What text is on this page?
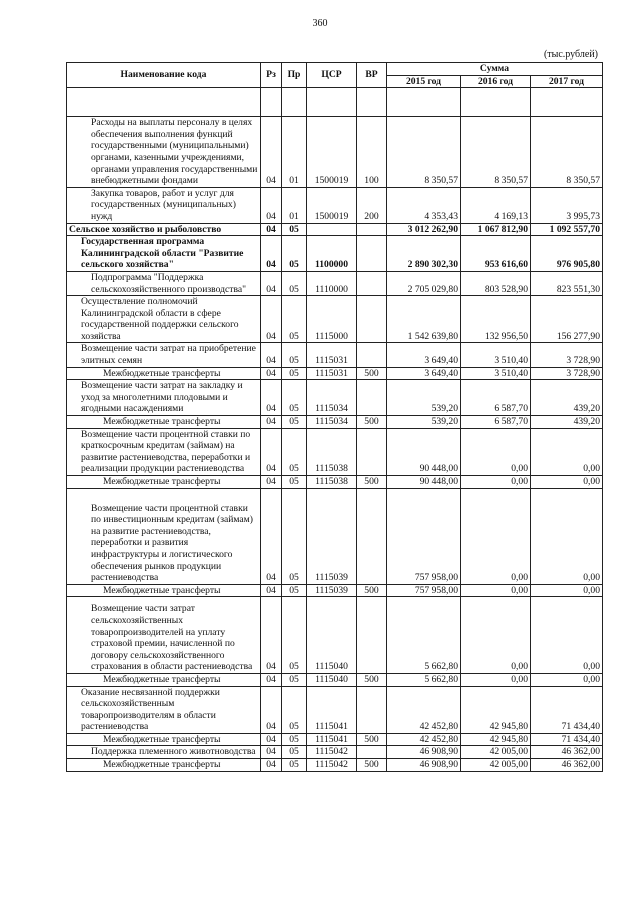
360
(тыс.рублей)
Наименование кода	Рз	Пр	ЦСР	ВР	Сумма		
					2015 год	2016 год	2017 год

Расходы на выплаты персоналу в целях обеспечения выполнения функций государственными (муниципальными) органами, казенными учреждениями, органами управления государственными внебюджетными фондами	04	01	1500019	100	8 350,57	8 350,57	8 350,57

Закупка товаров, работ и услуг для государственных (муниципальных) нужд	04	01	1500019	200	4 353,43	4 169,13	3 995,73
Сельское хозяйство и рыболовство	04	05			3 012 262,90	1 067 812,90	1 092 557,70

Государственная программа Калининградской области "Развитие сельского хозяйства"	04	05	1100000		2 890 302,30	953 616,60	976 905,80

Подпрограмма "Поддержка сельскохозяйственного производства"	04	05	1110000		2 705 029,80	803 528,90	823 551,30

Осуществление полномочий Калининградской области в сфере государственной поддержки сельского хозяйства	04	05	1115000		1 542 639,80	132 956,50	156 277,90

Возмещение части затрат на приобретение элитных семян	04	05	1115031		3 649,40	3 510,40	3 728,90

Межбюджетные трансферты	04	05	1115031	500	3 649,40	3 510,40	3 728,90

Возмещение части затрат на закладку и уход за многолетними плодовыми и ягодными насаждениями	04	05	1115034		539,20	6 587,70	439,20

Межбюджетные трансферты	04	05	1115034	500	539,20	6 587,70	439,20

Возмещение части процентной ставки по краткосрочным кредитам (займам) на развитие растениеводства, переработки и реализации продукции растениеводства	04	05	1115038		90 448,00	0,00	0,00

Межбюджетные трансферты	04	05	1115038	500	90 448,00	0,00	0,00

Возмещение части процентной ставки по инвестиционным кредитам (займам) на развитие растениеводства, переработки и развития инфраструктуры и логистического обеспечения рынков продукции растениеводства	04	05	1115039		757 958,00	0,00	0,00

Межбюджетные трансферты	04	05	1115039	500	757 958,00	0,00	0,00

Возмещение части затрат сельскохозяйственных товаропроизводителей на уплату страховой премии, начисленной по договору сельскохозяйственного страхования в области растениеводства	04	05	1115040		5 662,80	0,00	0,00

Межбюджетные трансферты	04	05	1115040	500	5 662,80	0,00	0,00

Оказание несвязанной поддержки сельскохозяйственным товаропроизводителям в области растениеводства	04	05	1115041		42 452,80	42 945,80	71 434,40

Межбюджетные трансферты	04	05	1115041	500	42 452,80	42 945,80	71 434,40

Поддержка племенного животноводства	04	05	1115042		46 908,90	42 005,00	46 362,00

Межбюджетные трансферты	04	05	1115042	500	46 908,90	42 005,00	46 362,00
